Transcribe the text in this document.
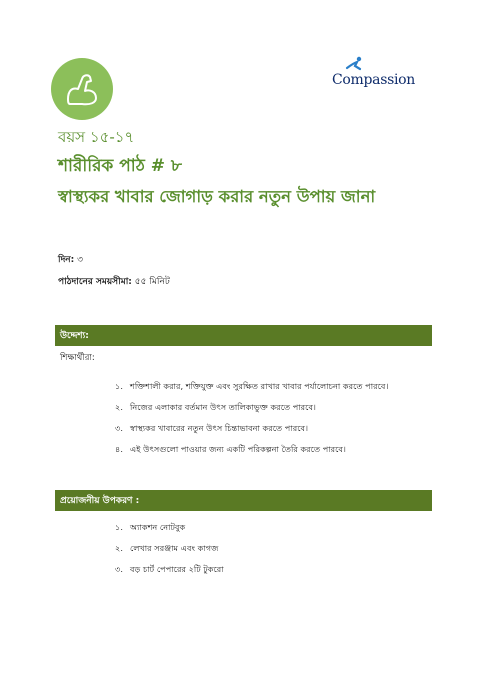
Compassion
বয়স ১৫-১৭
শারীরিক পাঠ # ৮
স্বাস্থ্যকর খাবার জোগাড় করার নতুন উপায় জানা
দিন: ৩
পাঠদানের সময়সীমা: ৫৫ মিনিট
উদ্দেশ্য:
শিক্ষার্থীরা:
১. শক্তিশালী করার, শক্তিযুক্ত এবং সুরক্ষিত রাখার খাবার পর্যালোচনা করতে পারবে।
২. নিজের এলাকার বর্তমান উৎস তালিকাভুক্ত করতে পারবে।
৩. স্বাস্থ্যকর খাবারের নতুন উৎস চিন্তাভাবনা করতে পারবে।
৪. এই উৎসগুলো পাওয়ার জন্য একটি পরিকল্পনা তৈরি করতে পারবে।
প্রয়োজনীয় উপকরণ :
১. অ্যাকশন নোটবুক
২. লেখার সরঞ্জাম এবং কাগজ
৩. বড় চার্ট পেপারের ২টি টুকরো
